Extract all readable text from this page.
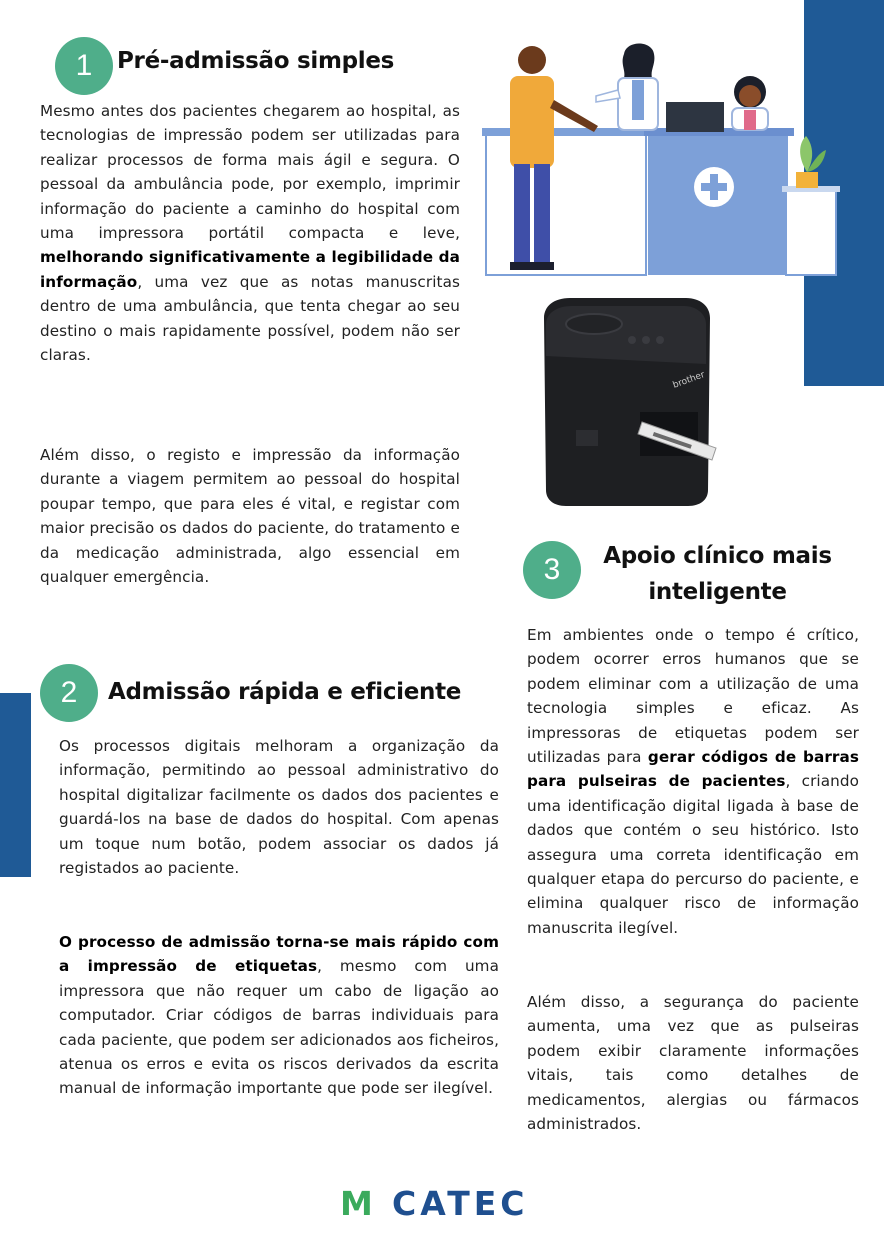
1 Pré-admissão simples

Mesmo antes dos pacientes chegarem ao hospital, as tecnologias de impressão podem ser utilizadas para realizar processos de forma mais ágil e segura. O pessoal da ambulância pode, por exemplo, imprimir informação do paciente a caminho do hospital com uma impressora portátil compacta e leve, melhorando significativamente a legibilidade da informação, uma vez que as notas manuscritas dentro de uma ambulância, que tenta chegar ao seu destino o mais rapidamente possível, podem não ser claras.

Além disso, o registo e impressão da informação durante a viagem permitem ao pessoal do hospital poupar tempo, que para eles é vital, e registar com maior precisão os dados do paciente, do tratamento e da medicação administrada, algo essencial em qualquer emergência.

2 Admissão rápida e eficiente

Os processos digitais melhoram a organização da informação, permitindo ao pessoal administrativo do hospital digitalizar facilmente os dados dos pacientes e guardá-los na base de dados do hospital. Com apenas um toque num botão, podem associar os dados já registados ao paciente.

O processo de admissão torna-se mais rápido com a impressão de etiquetas, mesmo com uma impressora que não requer um cabo de ligação ao computador. Criar códigos de barras individuais para cada paciente, que podem ser adicionados aos ficheiros, atenua os erros e evita os riscos derivados da escrita manual de informação importante que pode ser ilegível.

3	Apoio clínico mais
inteligente

Em ambientes onde o tempo é crítico, podem ocorrer erros humanos que se podem eliminar com a utilização de uma tecnologia simples e eficaz. As impressoras de etiquetas podem ser utilizadas para gerar códigos de barras para pulseiras de pacientes, criando uma identificação digital ligada à base de dados que contém o seu histórico. Isto assegura uma correta identificação em qualquer etapa do percurso do paciente, e elimina qualquer risco de informação manuscrita ilegível.

Além disso, a segurança do paciente aumenta, uma vez que as pulseiras podem exibir claramente informações vitais, tais como detalhes de medicamentos, alergias ou fármacos administrados.

brother
M CATEC
